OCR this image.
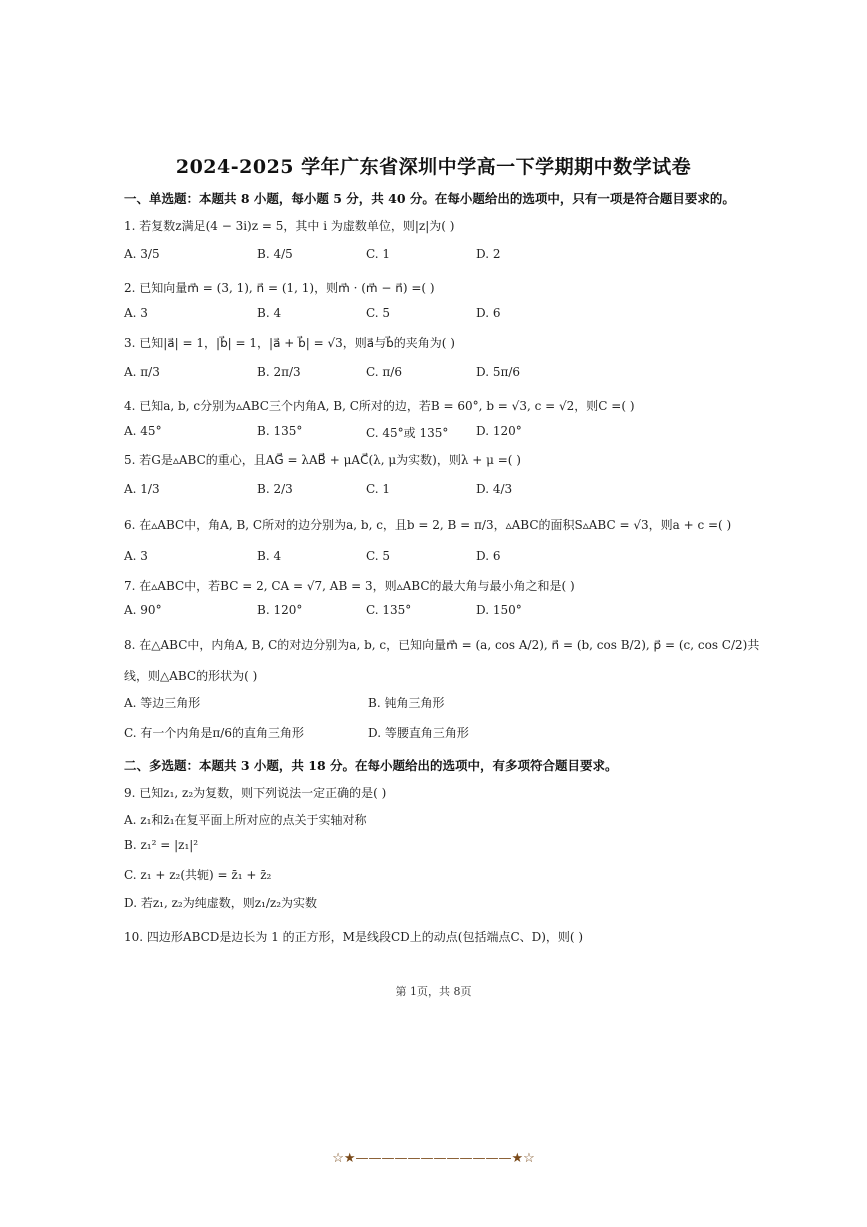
2024-2025 学年广东省深圳中学高一下学期期中数学试卷
一、单选题：本题共 8 小题，每小题 5 分，共 40 分。在每小题给出的选项中，只有一项是符合题目要求的。
1. 若复数z满足(4 − 3i)z = 5，其中 i 为虚数单位，则|z|为( )
A. 3/5	B. 4/5	C. 1	D. 2
2. 已知向量m⃗ = (3, 1), n⃗ = (1, 1)，则m⃗ · (m⃗ − n⃗) =( )
A. 3	B. 4	C. 5	D. 6
3. 已知|a⃗| = 1，|b⃗| = 1，|a⃗ + b⃗| = √3，则a⃗与b⃗的夹角为( )
A. π/3	B. 2π/3	C. π/6	D. 5π/6
4. 已知a, b, c分别为▵ABC三个内角A, B, C所对的边，若B = 60°, b = √3, c = √2，则C =( )
A. 45°	B. 135°	C. 45°或 135° D. 120°
5. 若G是▵ABC的重心，且AG⃗ = λAB⃗ + μAC⃗(λ, μ为实数)，则λ + μ =( )
A. 1/3	B. 2/3	C. 1	D. 4/3
6. 在▵ABC中，角A, B, C所对的边分别为a, b, c，且b = 2, B = π/3，▵ABC的面积S▵ABC = √3，则a + c =( )
A. 3	B. 4	C. 5	D. 6
7. 在▵ABC中，若BC = 2, CA = √7, AB = 3，则▵ABC的最大角与最小角之和是( )
A. 90°	B. 120°	C. 135°	D. 150°
8. 在△ABC中，内角A, B, C的对边分别为a, b, c，已知向量m⃗ = (a, cos A/2), n⃗ = (b, cos B/2), p⃗ = (c, cos C/2)共
线，则△ABC的形状为( )
A. 等边三角形	B. 钝角三角形
C. 有一个内角是π/6的直角三角形	D. 等腰直角三角形
二、多选题：本题共 3 小题，共 18 分。在每小题给出的选项中，有多项符合题目要求。
9. 已知z₁, z₂为复数，则下列说法一定正确的是( )
A. z₁和z̄₁在复平面上所对应的点关于实轴对称
B. z₁² = |z₁|²
C. z₁ + z₂(共轭) = z̄₁ + z̄₂
D. 若z₁, z₂为纯虚数，则z₁/z₂为实数
10. 四边形ABCD是边长为 1 的正方形，M是线段CD上的动点(包括端点C、D)，则( )
第 1页，共 8页
☆★————————————★☆
